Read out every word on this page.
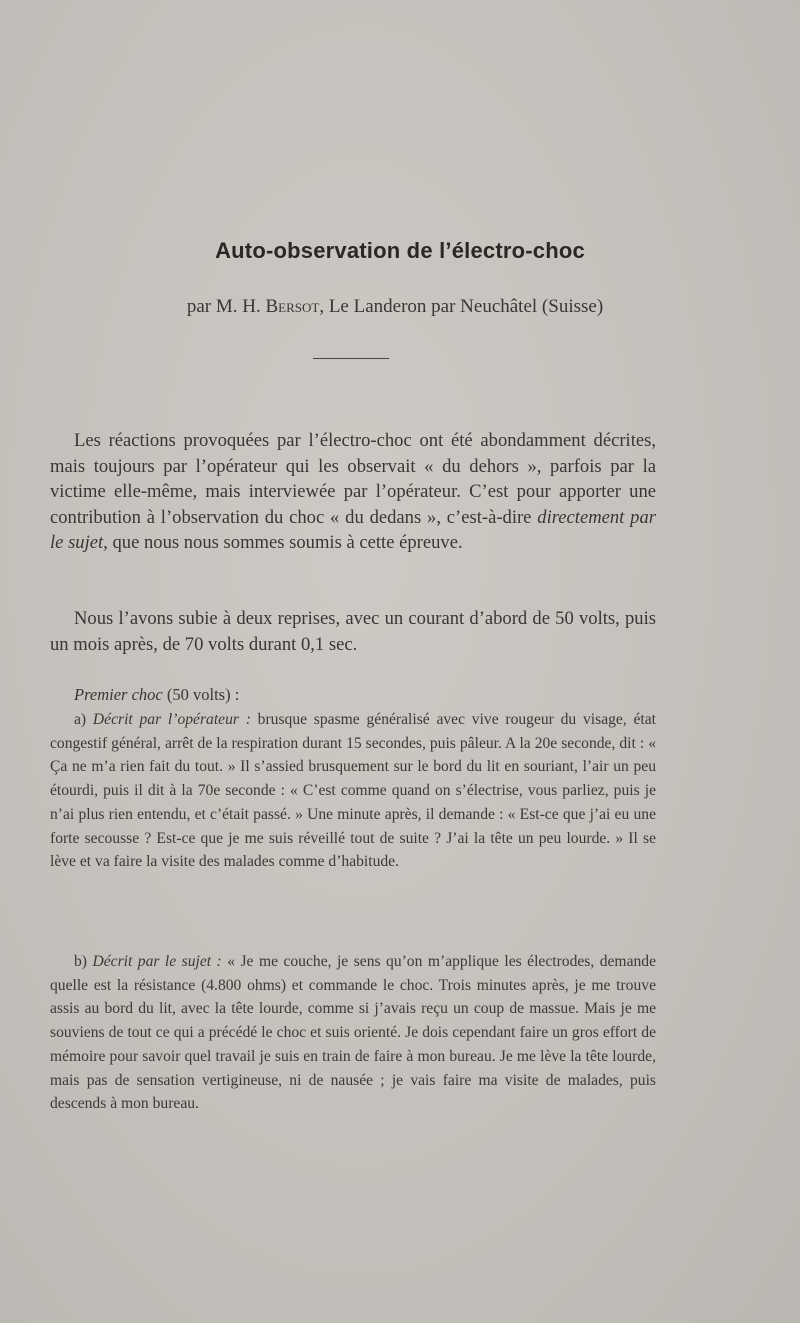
Auto-observation de l’électro-choc
par M. H. Bersot, Le Landeron par Neuchâtel (Suisse)

Les réactions provoquées par l’électro-choc ont été abondamment décrites, mais toujours par l’opérateur qui les observait « du dehors », parfois par la victime elle-même, mais interviewée par l’opérateur. C’est pour apporter une contribution à l’observation du choc « du dedans », c’est-à-dire directement par le sujet, que nous nous sommes soumis à cette épreuve.

Nous l’avons subie à deux reprises, avec un courant d’abord de 50 volts, puis un mois après, de 70 volts durant 0,1 sec.

Premier choc (50 volts) :

a) Décrit par l’opérateur : brusque spasme généralisé avec vive rougeur du visage, état congestif général, arrêt de la respiration durant 15 secondes, puis pâleur. A la 20e seconde, dit : « Ça ne m’a rien fait du tout. » Il s’assied brusquement sur le bord du lit en souriant, l’air un peu étourdi, puis il dit à la 70e seconde : « C’est comme quand on s’électrise, vous parliez, puis je n’ai plus rien entendu, et c’était passé. » Une minute après, il demande : « Est-ce que j’ai eu une forte secousse ? Est-ce que je me suis réveillé tout de suite ? J’ai la tête un peu lourde. » Il se lève et va faire la visite des malades comme d’habitude.

b) Décrit par le sujet : « Je me couche, je sens qu’on m’applique les électrodes, demande quelle est la résistance (4.800 ohms) et commande le choc. Trois minutes après, je me trouve assis au bord du lit, avec la tête lourde, comme si j’avais reçu un coup de massue. Mais je me souviens de tout ce qui a précédé le choc et suis orienté. Je dois cependant faire un gros effort de mémoire pour savoir quel travail je suis en train de faire à mon bureau. Je me lève la tête lourde, mais pas de sensation vertigineuse, ni de nausée ; je vais faire ma visite de malades, puis descends à mon bureau.
